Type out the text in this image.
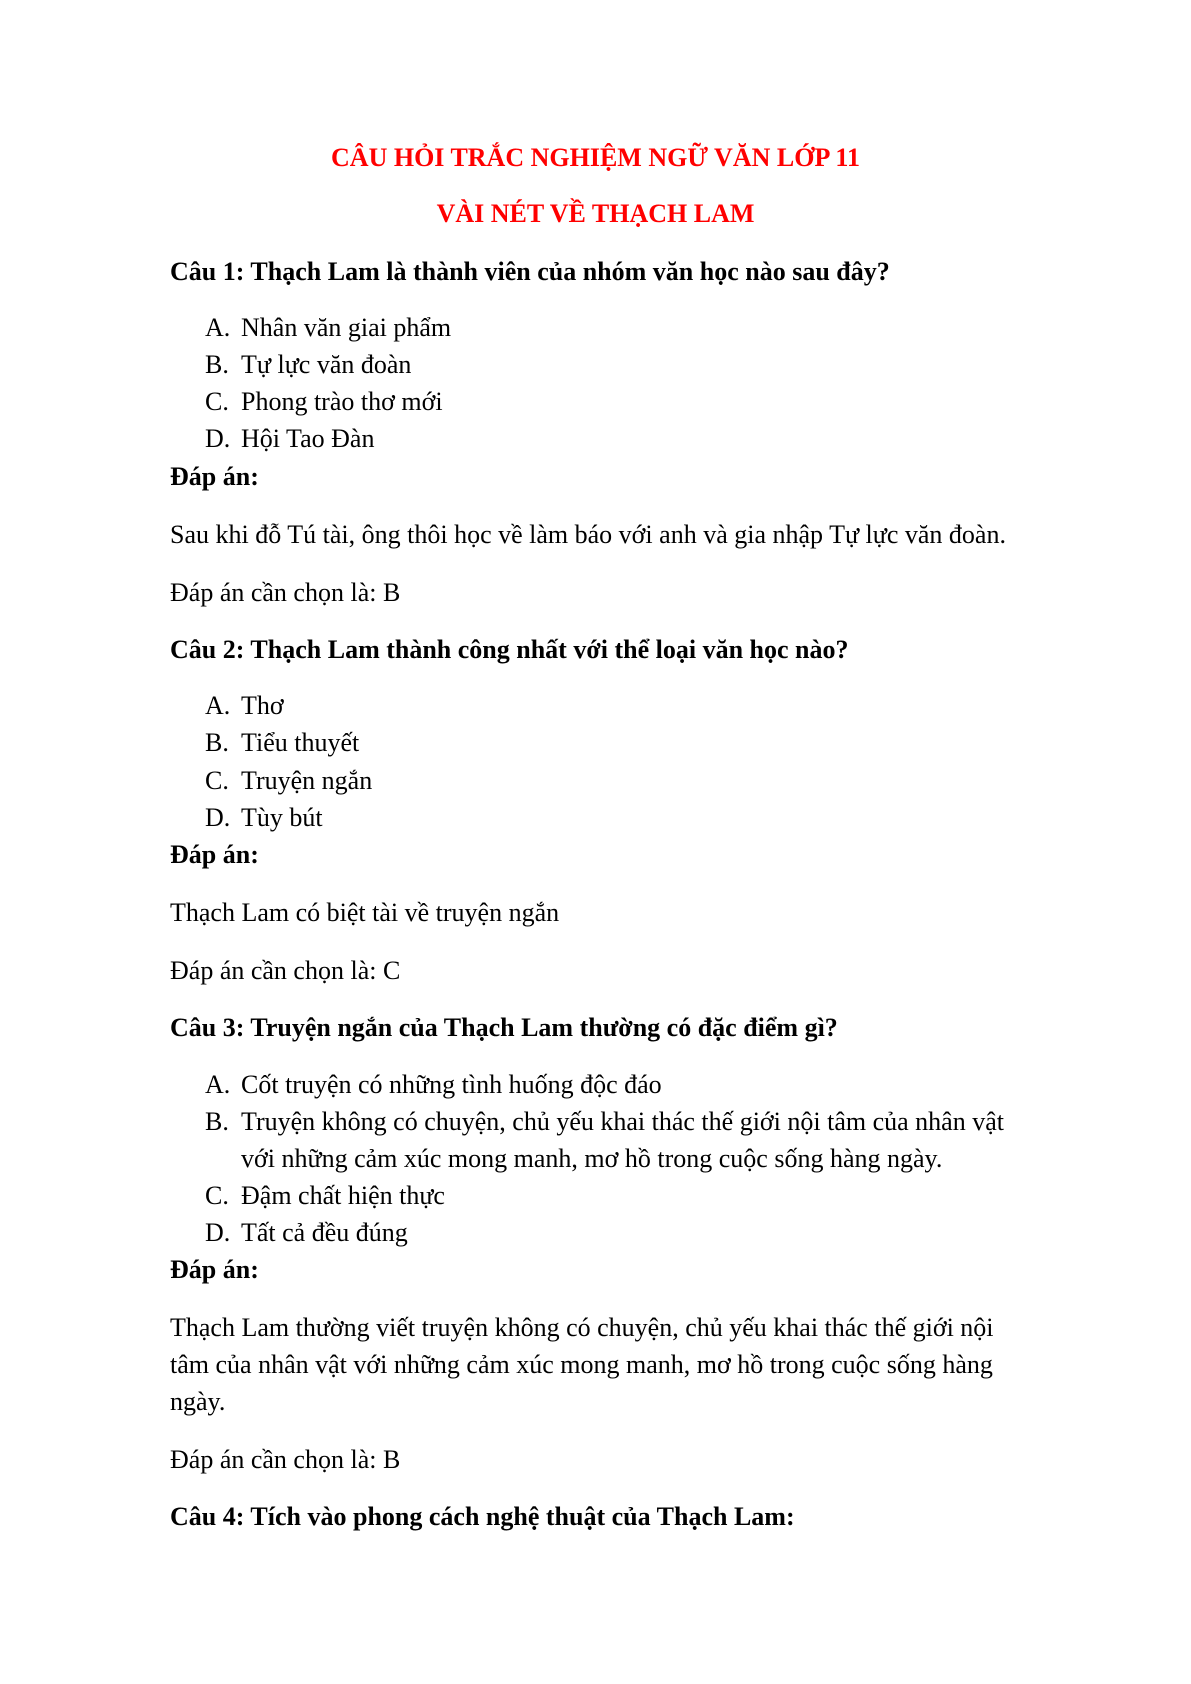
CÂU HỎI TRẮC NGHIỆM NGỮ VĂN LỚP 11
VÀI NÉT VỀ THẠCH LAM
Câu 1: Thạch Lam là thành viên của nhóm văn học nào sau đây?
A. Nhân văn giai phẩm
B. Tự lực văn đoàn
C. Phong trào thơ mới
D. Hội Tao Đàn
Đáp án:
Sau khi đỗ Tú tài, ông thôi học về làm báo với anh và gia nhập Tự lực văn đoàn.
Đáp án cần chọn là: B
Câu 2: Thạch Lam thành công nhất với thể loại văn học nào?
A. Thơ
B. Tiểu thuyết
C. Truyện ngắn
D. Tùy bút
Đáp án:
Thạch Lam có biệt tài về truyện ngắn
Đáp án cần chọn là: C
Câu 3: Truyện ngắn của Thạch Lam thường có đặc điểm gì?
A. Cốt truyện có những tình huống độc đáo
B. Truyện không có chuyện, chủ yếu khai thác thế giới nội tâm của nhân vật
với những cảm xúc mong manh, mơ hồ trong cuộc sống hàng ngày.
C. Đậm chất hiện thực
D. Tất cả đều đúng
Đáp án:
Thạch Lam thường viết truyện không có chuyện, chủ yếu khai thác thế giới nội
tâm của nhân vật với những cảm xúc mong manh, mơ hồ trong cuộc sống hàng
ngày.
Đáp án cần chọn là: B
Câu 4: Tích vào phong cách nghệ thuật của Thạch Lam:
